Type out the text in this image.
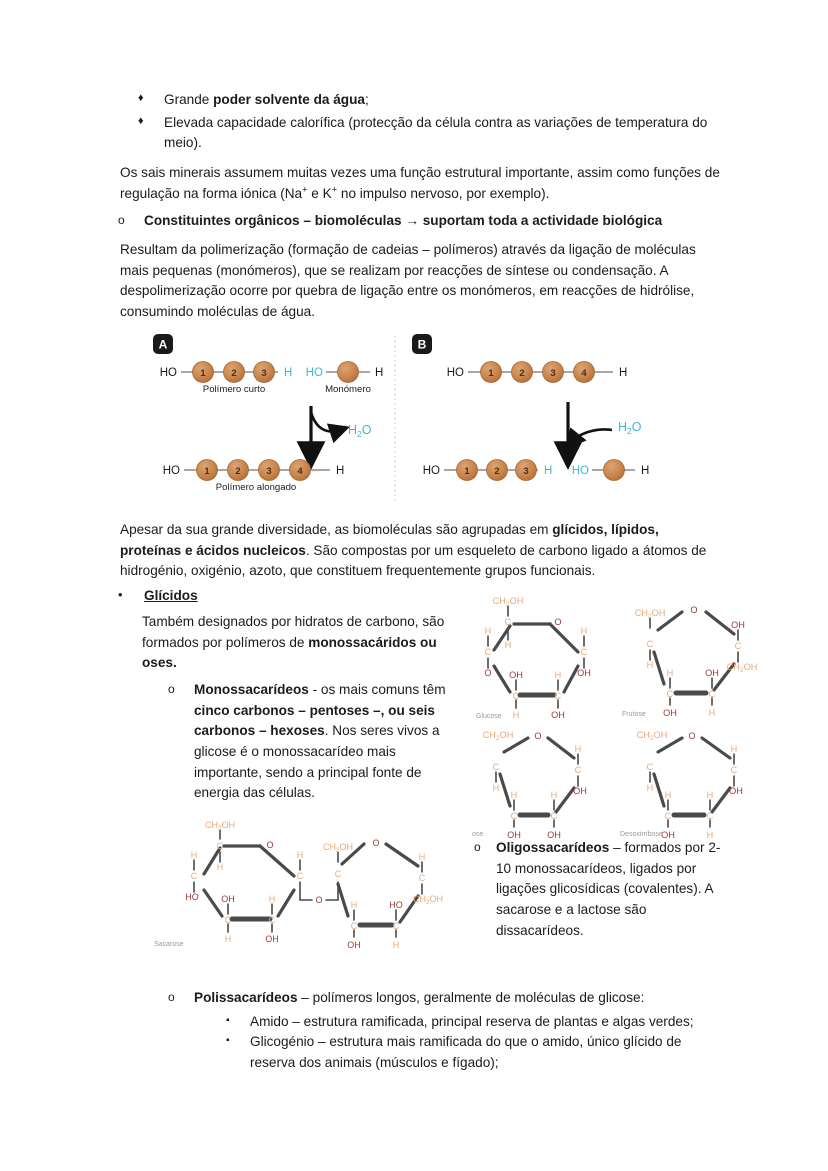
♦	Grande poder solvente da água;
♦	Elevada capacidade calorífica (protecção da célula contra as variações de temperatura do meio).

Os sais minerais assumem muitas vezes uma função estrutural importante, assim como funções de regulação na forma iónica (Na+ e K+ no impulso nervoso, por exemplo).

o	Constituintes orgânicos – biomoléculas → suportam toda a actividade biológica

Resultam da polimerização (formação de cadeias – polímeros) através da ligação de moléculas mais pequenas (monómeros), que se realizam por reacções de síntese ou condensação. A despolimerização ocorre por quebra de ligação entre os monómeros, em reacções de hidrólise, consumindo moléculas de água.

A
HO 1	2	3 H
Polímero curto
HO	H
Monómero
$H_2O$
HO	1	2	3	4	H
Polímero alongado
B
HO	1	2	3	4	H
$H_2O$
HO	1	2 3 H HO	H

Apesar da sua grande diversidade, as biomoléculas são agrupadas em glícidos, lípidos, proteínas e ácidos nucleicos. São compostas por um esqueleto de carbono ligado a átomos de hidrogénio, oxigénio, azoto, que constituem frequentemente grupos funcionais.

•	Glícidos

Também designados por hidratos de carbono, são formados por polímeros de monossacáridos ou oses.

o	Monossacarídeos - os mais comuns têm cinco carbonos – pentoses –, ou seis carbonos – hexoses. Nos seres vivos a glicose é o monossacarídeo mais importante, sendo a principal fonte de energia das células.
$CH_2OH$
C
H
O
H
C
O
H
C
OH
OH
C
H
H
C
OH
Glucose
$CH_2OH$	O
C
H
OH
C
$CH_2OH$
H
C
OH
OH
C
H
Frutose
$CH_2OH$ O
C
H
H
C
OH
H
C
OH
H
C
OH
ose
$CH_2OH$ O
C
H
H
C
OH
H
C
OH
H
C
H
Desoxirribose
$CH_2OH$
C
H
O
H
C
HO
H
C
OH
C
H
H
C
OH
O
$CH_2OH$ O
C
H
C
$CH_2OH$
H
C
OH
HO
C
H
Sacarose
o	Oligossacarídeos – formados por 2-10 monossacarídeos, ligados por ligações glicosídicas (covalentes). A sacarose e a lactose são dissacarídeos.
o	Polissacarídeos – polímeros longos, geralmente de moléculas de glicose:
▪	Amido – estrutura ramificada, principal reserva de plantas e algas verdes;
▪	Glicogénio – estrutura mais ramificada do que o amido, único glícido de reserva dos animais (músculos e fígado);
